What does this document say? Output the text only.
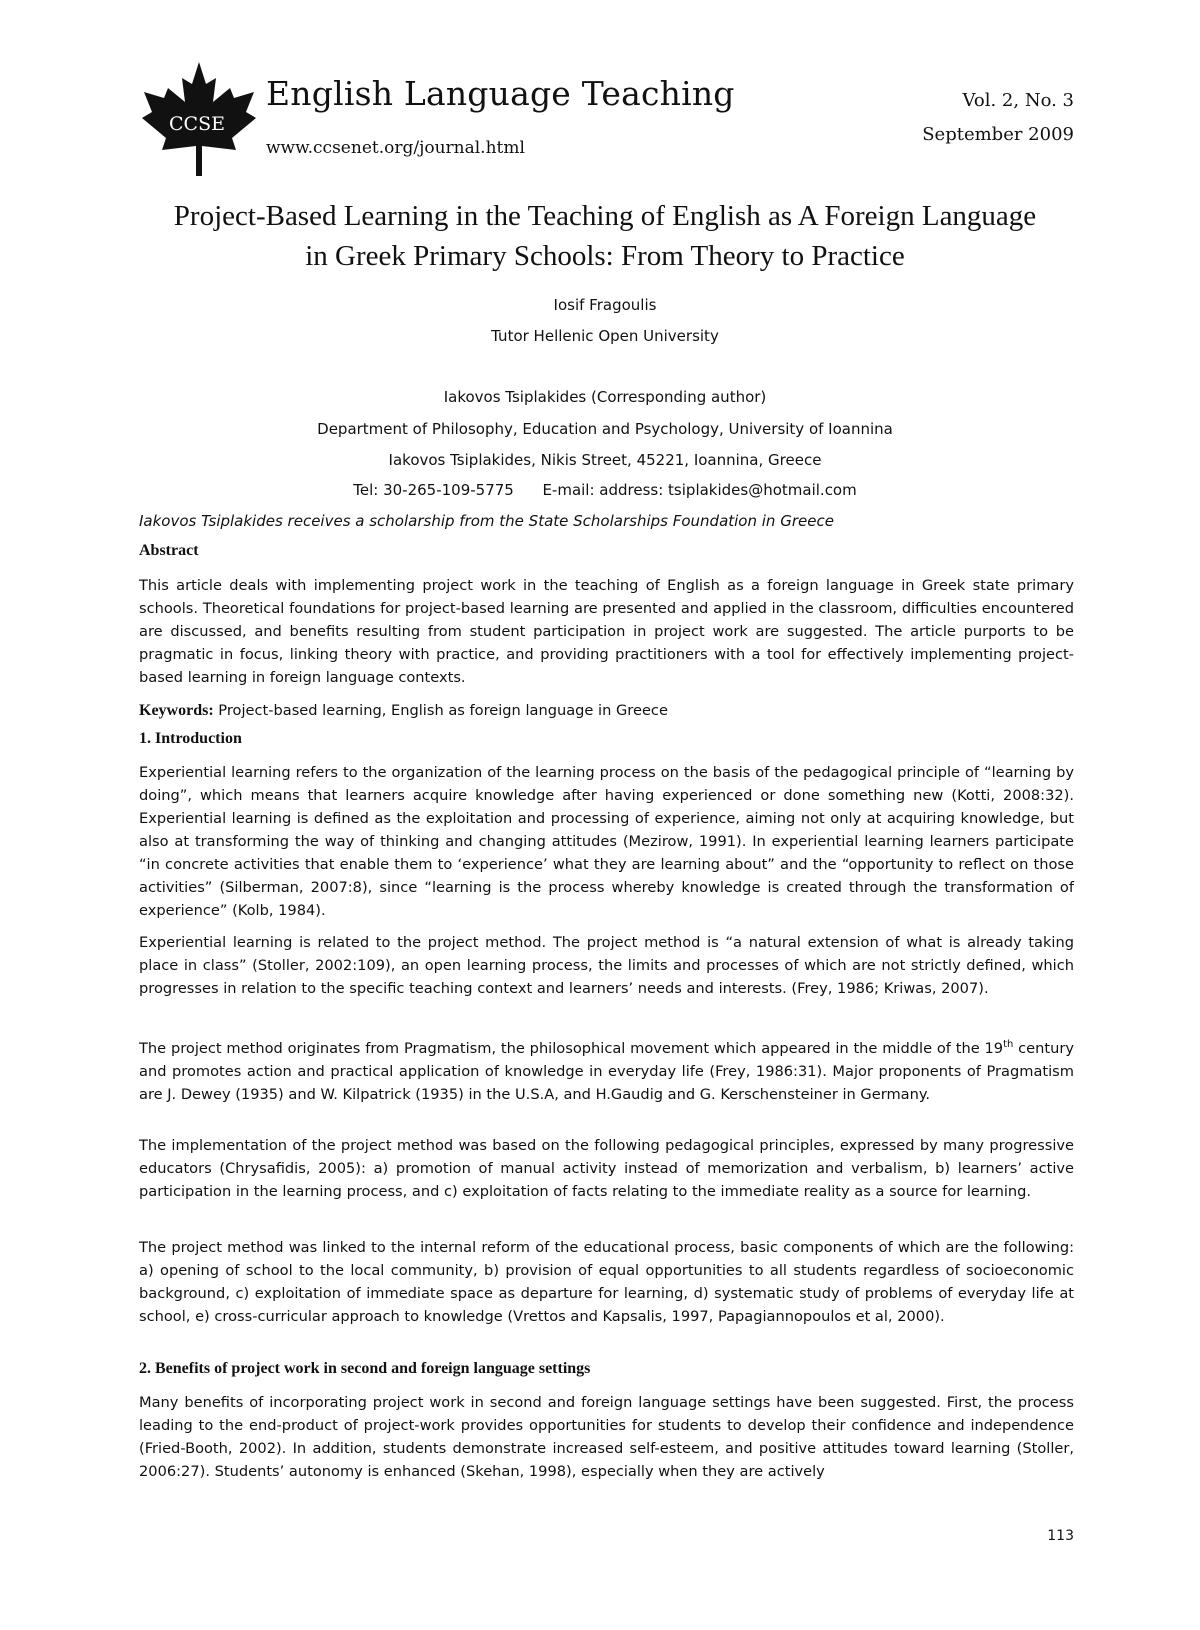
CCSE
English Language Teaching
www.ccsenet.org/journal.html
Vol. 2, No. 3
September 2009
Project-Based Learning in the Teaching of English as A Foreign Language
in Greek Primary Schools: From Theory to Practice
Iosif Fragoulis
Tutor Hellenic Open University
Iakovos Tsiplakides (Corresponding author)
Department of Philosophy, Education and Psychology, University of Ioannina
Iakovos Tsiplakides, Nikis Street, 45221, Ioannina, Greece
Tel: 30-265-109-5775      E-mail: address: tsiplakides@hotmail.com
Iakovos Tsiplakides receives a scholarship from the State Scholarships Foundation in Greece
Abstract

This article deals with implementing project work in the teaching of English as a foreign language in Greek state primary schools. Theoretical foundations for project-based learning are presented and applied in the classroom, difficulties encountered are discussed, and benefits resulting from student participation in project work are suggested. The article purports to be pragmatic in focus, linking theory with practice, and providing practitioners with a tool for effectively implementing project-based learning in foreign language contexts.

Keywords: Project-based learning, English as foreign language in Greece
1. Introduction

Experiential learning refers to the organization of the learning process on the basis of the pedagogical principle of “learning by doing”, which means that learners acquire knowledge after having experienced or done something new (Kotti, 2008:32). Experiential learning is defined as the exploitation and processing of experience, aiming not only at acquiring knowledge, but also at transforming the way of thinking and changing attitudes (Mezirow, 1991). In experiential learning learners participate “in concrete activities that enable them to ‘experience’ what they are learning about” and the “opportunity to reflect on those activities” (Silberman, 2007:8), since “learning is the process whereby knowledge is created through the transformation of experience” (Kolb, 1984).

Experiential learning is related to the project method. The project method is “a natural extension of what is already taking place in class” (Stoller, 2002:109), an open learning process, the limits and processes of which are not strictly defined, which progresses in relation to the specific teaching context and learners’ needs and interests. (Frey, 1986; Kriwas, 2007).

The project method originates from Pragmatism, the philosophical movement which appeared in the middle of the 19th century and promotes action and practical application of knowledge in everyday life (Frey, 1986:31). Major proponents of Pragmatism are J. Dewey (1935) and W. Kilpatrick (1935) in the U.S.A, and H.Gaudig and G. Kerschensteiner in Germany.

The implementation of the project method was based on the following pedagogical principles, expressed by many progressive educators (Chrysafidis, 2005): a) promotion of manual activity instead of memorization and verbalism, b) learners’ active participation in the learning process, and c) exploitation of facts relating to the immediate reality as a source for learning.

The project method was linked to the internal reform of the educational process, basic components of which are the following: a) opening of school to the local community, b) provision of equal opportunities to all students regardless of socioeconomic background, c) exploitation of immediate space as departure for learning, d) systematic study of problems of everyday life at school, e) cross-curricular approach to knowledge (Vrettos and Kapsalis, 1997, Papagiannopoulos et al, 2000).

2. Benefits of project work in second and foreign language settings

Many benefits of incorporating project work in second and foreign language settings have been suggested. First, the process leading to the end-product of project-work provides opportunities for students to develop their confidence and independence (Fried-Booth, 2002). In addition, students demonstrate increased self-esteem, and positive attitudes toward learning (Stoller, 2006:27). Students’ autonomy is enhanced (Skehan, 1998), especially when they are actively

113
